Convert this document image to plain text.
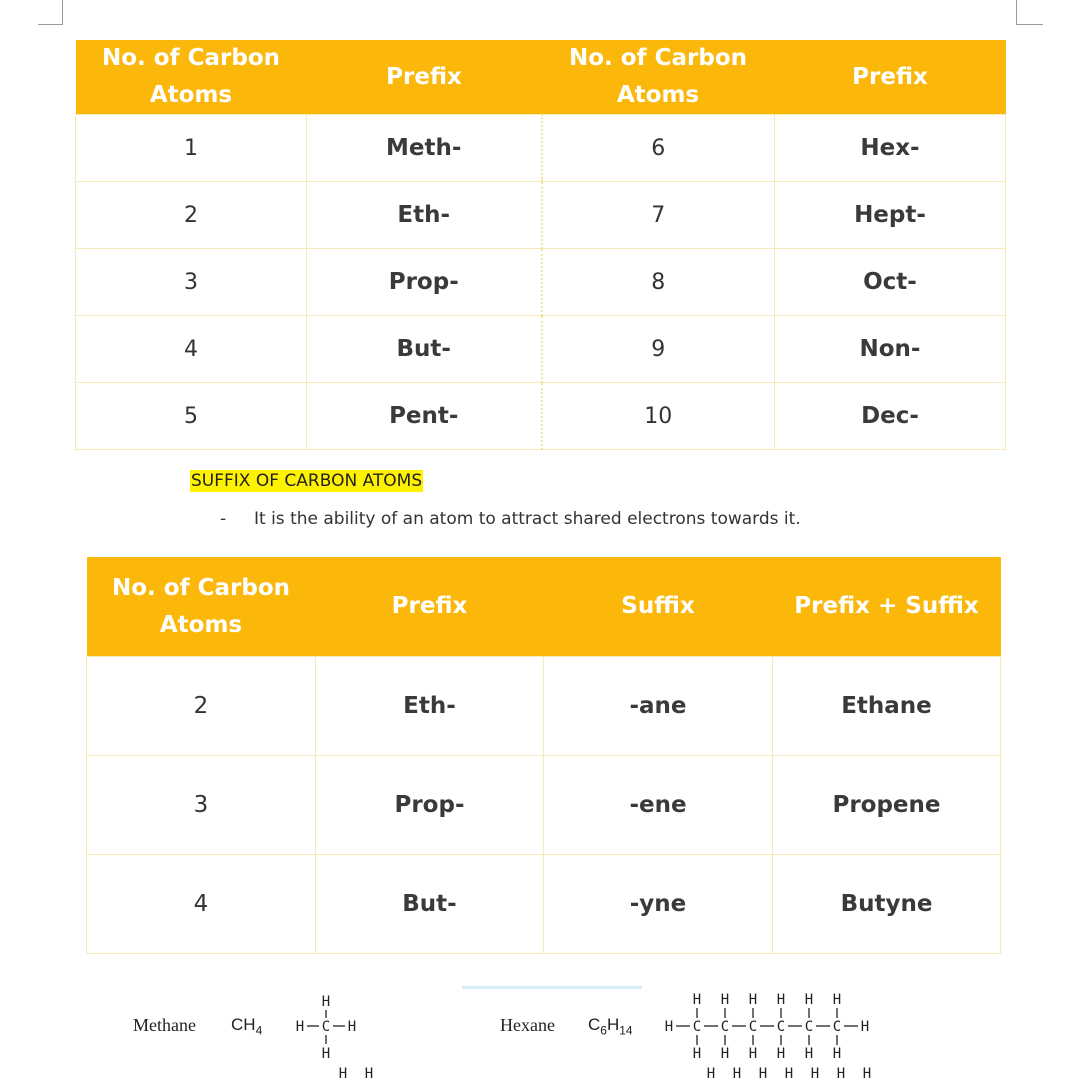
No. of Carbon Atoms	Prefix	No. of Carbon Atoms	Prefix
1	Meth-	6	Hex-
2	Eth-	7	Hept-
3	Prop-	8	Oct-
4	But-	9	Non-
5	Pent-	10	Dec-
SUFFIX OF CARBON ATOMS
- It is the ability of an atom to attract shared electrons towards it.
No. of Carbon Atoms	Prefix	Suffix	Prefix + Suffix
2	Eth-	-ane	Ethane
3	Prop-	-ene	Propene
4	But-	-yne	Butyne
Methane $CH_4$
H
H C H
H
H H
Hexane $C_6H_{14}$
H H H H H H
H C C C C C C H
H H H H H H
H H H H H H H
